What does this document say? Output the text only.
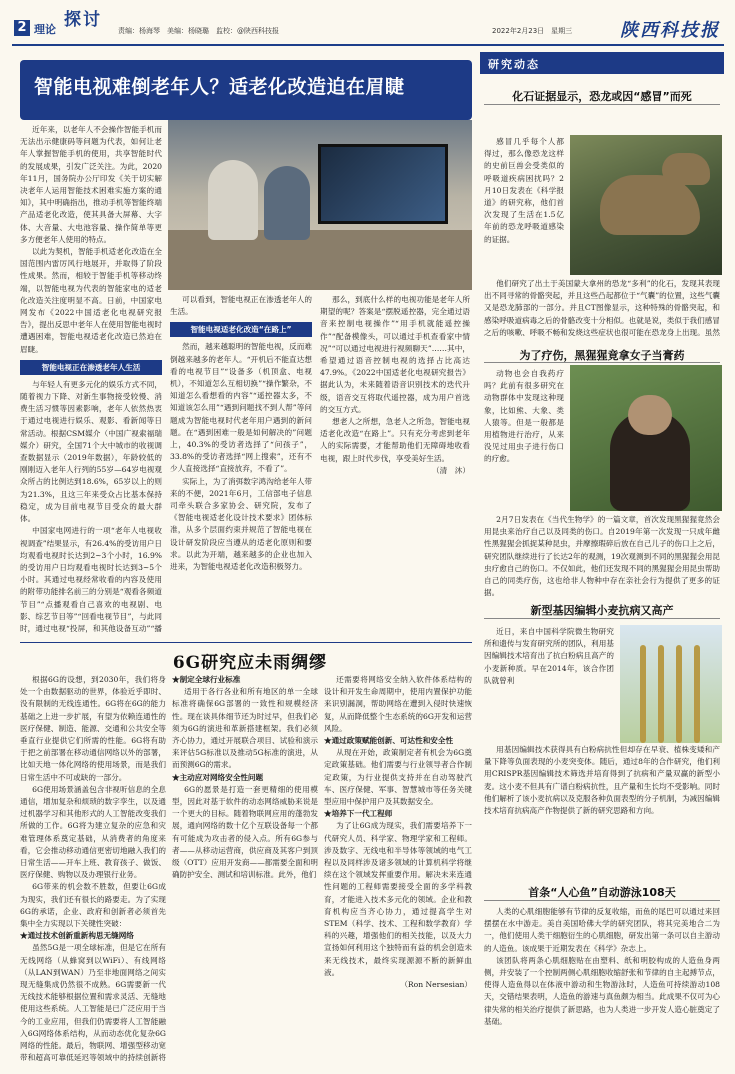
2 理论 探讨
责编：杨海琴　美编：杨晓璐　监校：@陕西科技报	2022年2月23日　星期三	陕西科技报
智能电视难倒老年人？适老化改造迫在眉睫

近年来，以老年人不会操作智能手机而无法出示健康码等问题为代表，如何让老年人掌握智能手机的使用，共享智能时代的发展成果，引发广泛关注。为此，2020年11月，国务院办公厅印发《关于切实解决老年人运用智能技术困难实施方案的通知》，其中明确指出，推动手机等智能终端产品适老化改造，使其具备大屏幕、大字体、大音量、大电池容量、操作简单等更多方便老年人使用的特点。

以此为契机，智能手机适老化改造在全国范围内雷厉风行地展开，并取得了阶段性成果。然而，相较于智能手机等移动终端，以智能电视为代表的智能家电的适老化改造关注度明显不高。日前，中国家电网发布《2022中国适老化电视研究报告》，提出反思中老年人在使用智能电视时遭遇困难，智能电视适老化改造已然迫在眉睫。

智能电视正在渗透老年人生活

与年轻人有更多元化的娱乐方式不同，随着视力下降、对新生事物接受较慢、消费生活习惯等因素影响，老年人依然热衷于通过电视进行娱乐、观影、看新闻等日常活动。根据CSM媒介（中国广视索福瑞媒介）研究，全国71个大中城市的收视调查数据显示（2019年数据），年龄较低的刚刚迈入老年人行列的55岁—64岁电视观众所占的比例达到18.6%，65岁以上的则为21.3%，且这三年来受众占比基本保持稳定，成为目前电视节目受众的最大群体。

中国家电网进行的一项“老年人电视收视调查”结果显示，有26.4%的受访用户日均观看电视时长达到2~3个小时，16.9%的受访用户日均观看电视时长达到3~5个小时。其通过电视经常收看的内容及使用的附带功能排名前三的分别是“观看各频道节目”“点播观看自己喜欢的电视剧、电影、综艺节目等”“回看电视节目”，与此同时，通过电视“投屏，和其他设备互动”“播

可以看到，智能电视正在渗透老年人的生活。

智能电视适老化改造“在路上”

然而，越来越聪明的智能电视，反而难倒越来越多的老年人。“开机后不能直达想看的电视节目”“设备多（机顶盒、电视机），不知道怎么互相切换”“操作繁杂，不知道怎么看想看的内容”“遥控器太多，不知道该怎么用”“遇到问题找不到人帮”等问题成为智能电视时代老年用户遇到的新问题。在“遇到困难一般是如何解决的”问题上，40.3%的受访者选择了“问孩子”，33.8%的受访者选择“网上搜索”，还有不少人直接选择“直接放弃，不看了”。

实际上，为了消弭数字鸿沟给老年人带来的不便，2021年6月，工信部电子信息司牵头联合多家协会、研究院，发布了《智能电视适老化设计技术要求》团体标准，从多个层面约束并规范了智能电视在设计研发阶段应当遵从的适老化原则和要求。以此为开端，越来越多的企业也加入进来，为智能电视适老化改造积极努力。

那么，到底什么样的电视功能是老年人所期望的呢？答案是“摆脱遥控器，完全通过语音来控制电视操作”“用手机就能遥控操作”“配备模像头，可以通过手机查看家中情况”“可以通过电视进行视频聊天”……其中，希望通过语音控制电视的选择占比高达47.9%。《2022中国适老化电视研究报告》据此认为，未来随着语音识别技术的迭代升级，语音交互将取代遥控器，成为用户首选的交互方式。

想老人之所想，急老人之所急，智能电视适老化改造“在路上”。只有充分考虑到老年人的实际需要，才能帮助他们无障碍地收看电视，跟上时代步伐，享受美好生活。

（清　沐）
6G研究应未雨绸缪

根据6G的设想，到2030年，我们将身处一个由数据驱动的世界，体验近乎即时、没有限制的无线连通性。6G将在6G的能力基础之上进一步扩展，有望为依赖连通性的医疗保健、制造、能源、交通和公共安全等垂直行业提供它们所需的性能。6G将有助于把之前部署在移动通信网络以外的部署，比如天地一体化网络的使用场景，而是我们日常生活中不可或缺的一部分。

6G使用场景涵盖包含非视听信息的全息通信，增加复杂和烦琐的数字孪生，以及通过机器学习和其他形式的人工智能改变我们所做的工作。6G将为建立复杂的应急和灾难管理体系奠定基础，从消费者的角度来看，它会推动移动通信更密切地融入我们的日常生活——开车上班、教育孩子、做饭、医疗保健、购物以及办理银行业务。

6G带来的机会数不胜数，但要让6G成为现实，我们还有很长的路要走。为了实现6G的承诺，企业、政府和创新者必须首先集中全力实现以下关键性突破：

★通过技术创新重新构思无缝网络

虽然5G是一项全球标准，但是它在所有无线网络（从蜂窝到以WiFi）、有线网络（从LAN到WAN）乃至非地面网络之间实现无缝集成仍然很不成熟。6G需要新一代无线技术能够根据位置和需求灵活、无缝地使用这些系统。人工智能是已广泛应用于当今的工业应用，但我们仍需要将人工智能融入6G网络体系结构，从而动态优化复杂6G网络的性能。最后，物联网、增强型移动宽带和超高可靠低延迟等领域中的持续创新将

★制定全球行业标准

适用于各行各业和所有地区的单一全球标准将确保6G部署的一致性和规模经济性。现在谈具体细节还为时过早，但我们必须为6G的演进和革新搭建框架。我们必须齐心协力，通过开展联合项目、试验和演示来评估5G标准以及推动5G标准的演进，从而预测6G的需求。

★主动应对网络安全性问题

6G的愿景是打造一套更精细的使用模型，因此对基于软件的动态网络威胁来说是一个更大的目标。随着物联网应用的蓬勃发展，通向网络的数十亿个互联设备每一个都有可能成为攻击者的侵入点。所有6G参与者——从移动运营商，供应商及其客户到顶级（OTT）应用开发商——都需要全面和明确防护安全、测试和培训标准。此外，他们

还需要将网络安全纳入软件体系结构的设计和开发生命周期中，使用内置保护功能来识别漏洞，帮助网络在遭到入侵时快速恢复，从而降低整个生态系统的6G开发和运营风险。

★通过政策赋能创新、可达性和安全性

从现在开始，政策制定者有机会为6G奠定政策基础。他们需要与行业领导者合作制定政策，为行业提供支持并在自动驾驶汽车、医疗保健、军事、智慧城市等任务关键型应用中保护用户及其数据安全。

★培养下一代工程师

为了让6G成为现实，我们需要培养下一代研究人员、科学家、物理学家和工程师。涉及数字、无线电和半导体等领域的电气工程以及同样涉及诸多领域的计算机科学将继续在这个领域发挥重要作用。解决未来连通性问题的工程师需要接受全面的多学科教育，才能进入技术多元化的领域。企业和教育机构应当齐心协力，通过提高学生对STEM（科学、技术、工程和数学教育）学科的兴趣，增强他们的相关技能，以及大力宣扬如何利用这个独特而有益的机会创造未来无线技术，最终实现源源不断的新鲜血液。

（Ron Nersesian）
研究动态
化石证据显示，恐龙或因“感冒”而死

感冒几乎每个人都得过，那么像恐龙这样的史前巨兽会受类似的呼吸道疾病困扰吗？2月10日发表在《科学报道》的研究称，他们首次发现了生活在1.5亿年前的恐龙呼吸道感染的证据。

他们研究了出土于美国蒙大拿州的恐龙“多利”的化石，发现其表现出不同寻常的骨骼突起，并且这些凸起都位于“气囊”的位置，这些气囊又是恐龙肺部的一部分。并且CT图像显示，这种特殊的骨骼突起，和感染呼吸道病毒之后的骨骼改变十分相似。也就是说，类似于我们感冒之后的咳嗽、呼吸不畅和发烧这些症状也很可能在恐龙身上出现。虽然

为了疗伤，黑猩猩竟拿女子当膏药

动物也会自我药疗吗？此前有很多研究在动物群体中发现这种现象，比如熊、大象、类人猿等。但是一般都是用植物进行治疗，从来没见过用虫子进行伤口的疗愈。

2月7日发表在《当代生物学》的一篇文章，首次发现黑猩猩竟然会用昆虫来治疗自己以及同类的伤口。自2019年第一次发现一只成年雌性黑猩猩会抓捉某种昆虫，并摩擦瑕碎后放在自己儿子的伤口上之后，研究团队继续进行了长达2年的观测，19次观测到不同的黑猩猩会用昆虫疗愈自己的伤口。不仅如此，他们还发现不同的黑猩猩会用昆虫帮助自己的同类疗伤，这也给非人物种中存在亲社会行为提供了更多的证据。

新型基因编辑小麦抗病又高产

近日，来自中国科学院微生物研究所和遗传与发育研究所的团队，利用基因编辑技术培育出了抗白粉病且高产的小麦新种质。早在2014年，该合作团队就曾利

用基因编辑技术获得具有白粉病抗性但却存在早衰、植株变矮和产量下降等负面表现的小麦突变体。随后，通过8年的合作研究，他们利用CRISPR基因编辑技术筛选并培育得到了抗病和产量双赢的新型小麦。这小麦不但具有广谱白粉病抗性，且产量和生长均不受影响。同时他们解析了该小麦抗病以及克服各种负面表型的分子机制，为减因编辑技术培育抗病高产作物提供了新的研究思路和方向。

首条“人心鱼”自动游泳108天

人类的心肌细胞能够有节律的反复收缩，而鱼的尾巴可以通过来回摆摆在水中游走。美自美国哈佛大学的研究团队，将其完美地合二为一，他们使用人类干细胞衍生的心肌细胞，研发出第一条可以自主游动的人造鱼。该成果于近期发表在《科学》杂志上。

该团队将两条心肌细胞贴在由塑料、纸和明胶构成的人造鱼身两侧，并安装了一个控制两侧心肌细胞收缩舒张和节律的自主起搏节点，使得人造鱼得以在体液中游动和生物游泳时，人造鱼可持续游动108天，交错结果表明，人造鱼的游速与真鱼颇为相当。此成果不仅可为心律失常的相关治疗提供了新思路，也为人类进一步开发人造心脏奠定了基础。
